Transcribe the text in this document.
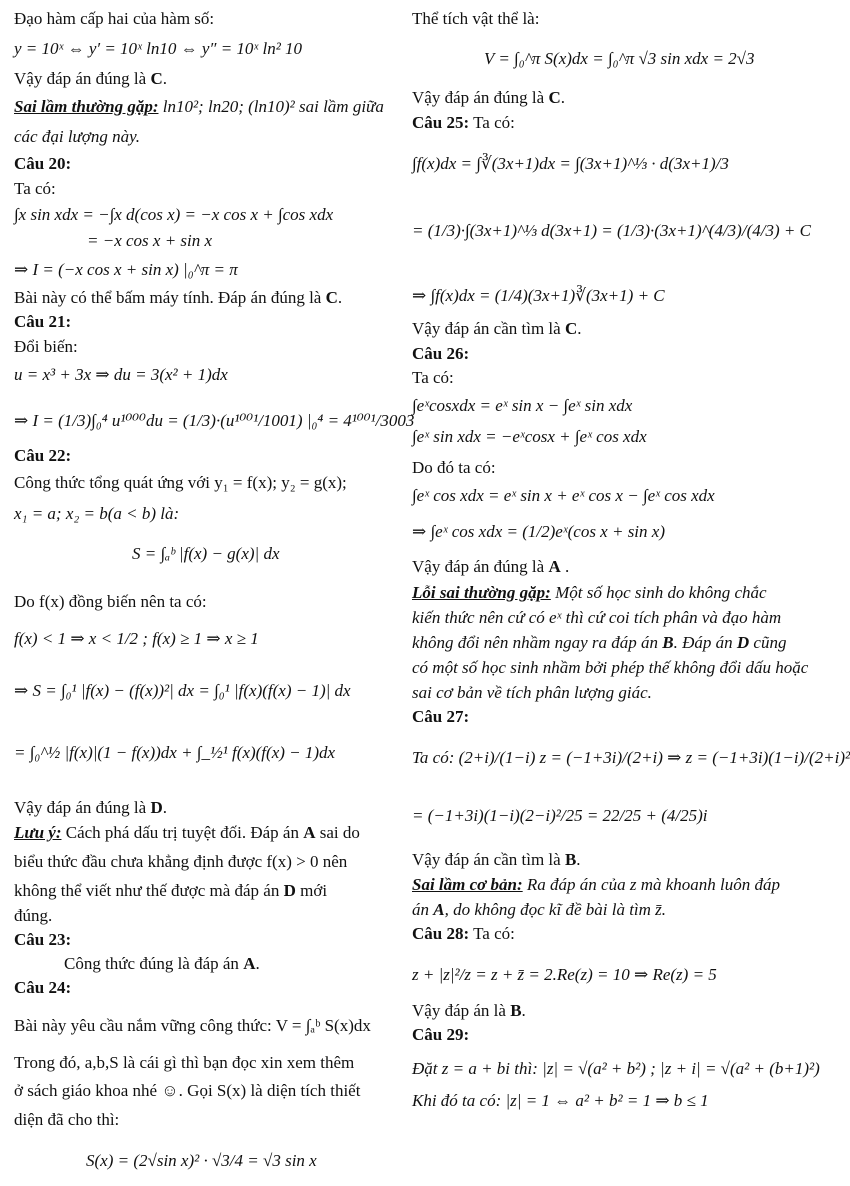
Đạo hàm cấp hai của hàm số:
y = 10ˣ ⇔ y′ = 10ˣ ln10 ⇔ y″ = 10ˣ ln² 10
Vậy đáp án đúng là C.
Sai lầm thường gặp: ln10²; ln20; (ln10)² sai lầm giữa
các đại lượng này.
Câu 20:
Ta có:
∫x sin xdx = −∫x d(cos x) = −x cos x + ∫cos xdx
= −x cos x + sin x
⇒ I = (−x cos x + sin x) |₀^π = π
Bài này có thể bấm máy tính. Đáp án đúng là C.
Câu 21:
Đổi biến:
u = x³ + 3x ⇒ du = 3(x² + 1)dx
⇒ I = (1/3)∫₀⁴ u¹⁰⁰⁰du = (1/3)·(u¹⁰⁰¹/1001) |₀⁴ = 4¹⁰⁰¹/3003
Câu 22:
Công thức tổng quát ứng với y₁ = f(x); y₂ = g(x);
x₁ = a; x₂ = b(a < b) là:
S = ∫ₐᵇ |f(x) − g(x)| dx
Do f(x) đồng biến nên ta có:
f(x) < 1 ⇒ x < 1/2 ; f(x) ≥ 1 ⇒ x ≥ 1
⇒ S = ∫₀¹ |f(x) − (f(x))²| dx = ∫₀¹ |f(x)(f(x) − 1)| dx
= ∫₀^½ |f(x)|(1 − f(x))dx + ∫_½¹ f(x)(f(x) − 1)dx
Vậy đáp án đúng là D.
Lưu ý: Cách phá dấu trị tuyệt đối. Đáp án A sai do
biểu thức đầu chưa khẳng định được f(x) > 0 nên
không thể viết như thế được mà đáp án D mới
đúng.
Câu 23:
Công thức đúng là đáp án A.
Câu 24:
Bài này yêu cầu nắm vững công thức: V = ∫ₐᵇ S(x)dx
Trong đó, a,b,S là cái gì thì bạn đọc xin xem thêm
ở sách giáo khoa nhé ☺. Gọi S(x) là diện tích thiết
diện đã cho thì:
S(x) = (2√sin x)² · √3/4 = √3 sin x
Thể tích vật thể là:
V = ∫₀^π S(x)dx = ∫₀^π √3 sin xdx = 2√3
Vậy đáp án đúng là C.
Câu 25: Ta có:
∫f(x)dx = ∫∛(3x+1)dx = ∫(3x+1)^⅓ · d(3x+1)/3
= (1/3)·∫(3x+1)^⅓ d(3x+1) = (1/3)·(3x+1)^(4/3)/(4/3) + C
⇒ ∫f(x)dx = (1/4)(3x+1)∛(3x+1) + C
Vậy đáp án cần tìm là C.
Câu 26:
Ta có:
∫eˣcosxdx = eˣ sin x − ∫eˣ sin xdx
∫eˣ sin xdx = −eˣcosx + ∫eˣ cos xdx
Do đó ta có:
∫eˣ cos xdx = eˣ sin x + eˣ cos x − ∫eˣ cos xdx
⇒ ∫eˣ cos xdx = (1/2)eˣ(cos x + sin x)
Vậy đáp án đúng là A .
Lỗi sai thường gặp: Một số học sinh do không chắc
kiến thức nên cứ có eˣ thì cứ coi tích phân và đạo hàm
không đổi nên nhầm ngay ra đáp án B. Đáp án D cũng
có một số học sinh nhầm bởi phép thế không đổi dấu hoặc
sai cơ bản về tích phân lượng giác.
Câu 27:
Ta có: (2+i)/(1−i) z = (−1+3i)/(2+i) ⇒ z = (−1+3i)(1−i)/(2+i)²
= (−1+3i)(1−i)(2−i)²/25 = 22/25 + (4/25)i
Vậy đáp án cần tìm là B.
Sai lầm cơ bản: Ra đáp án của z mà khoanh luôn đáp
án A, do không đọc kĩ đề bài là tìm z̄.
Câu 28: Ta có:
z + |z|²/z = z + z̄ = 2.Re(z) = 10 ⇒ Re(z) = 5
Vậy đáp án là B.
Câu 29:
Đặt z = a + bi thì: |z| = √(a² + b²) ; |z + i| = √(a² + (b+1)²)
Khi đó ta có: |z| = 1 ⇔ a² + b² = 1 ⇒ b ≤ 1
